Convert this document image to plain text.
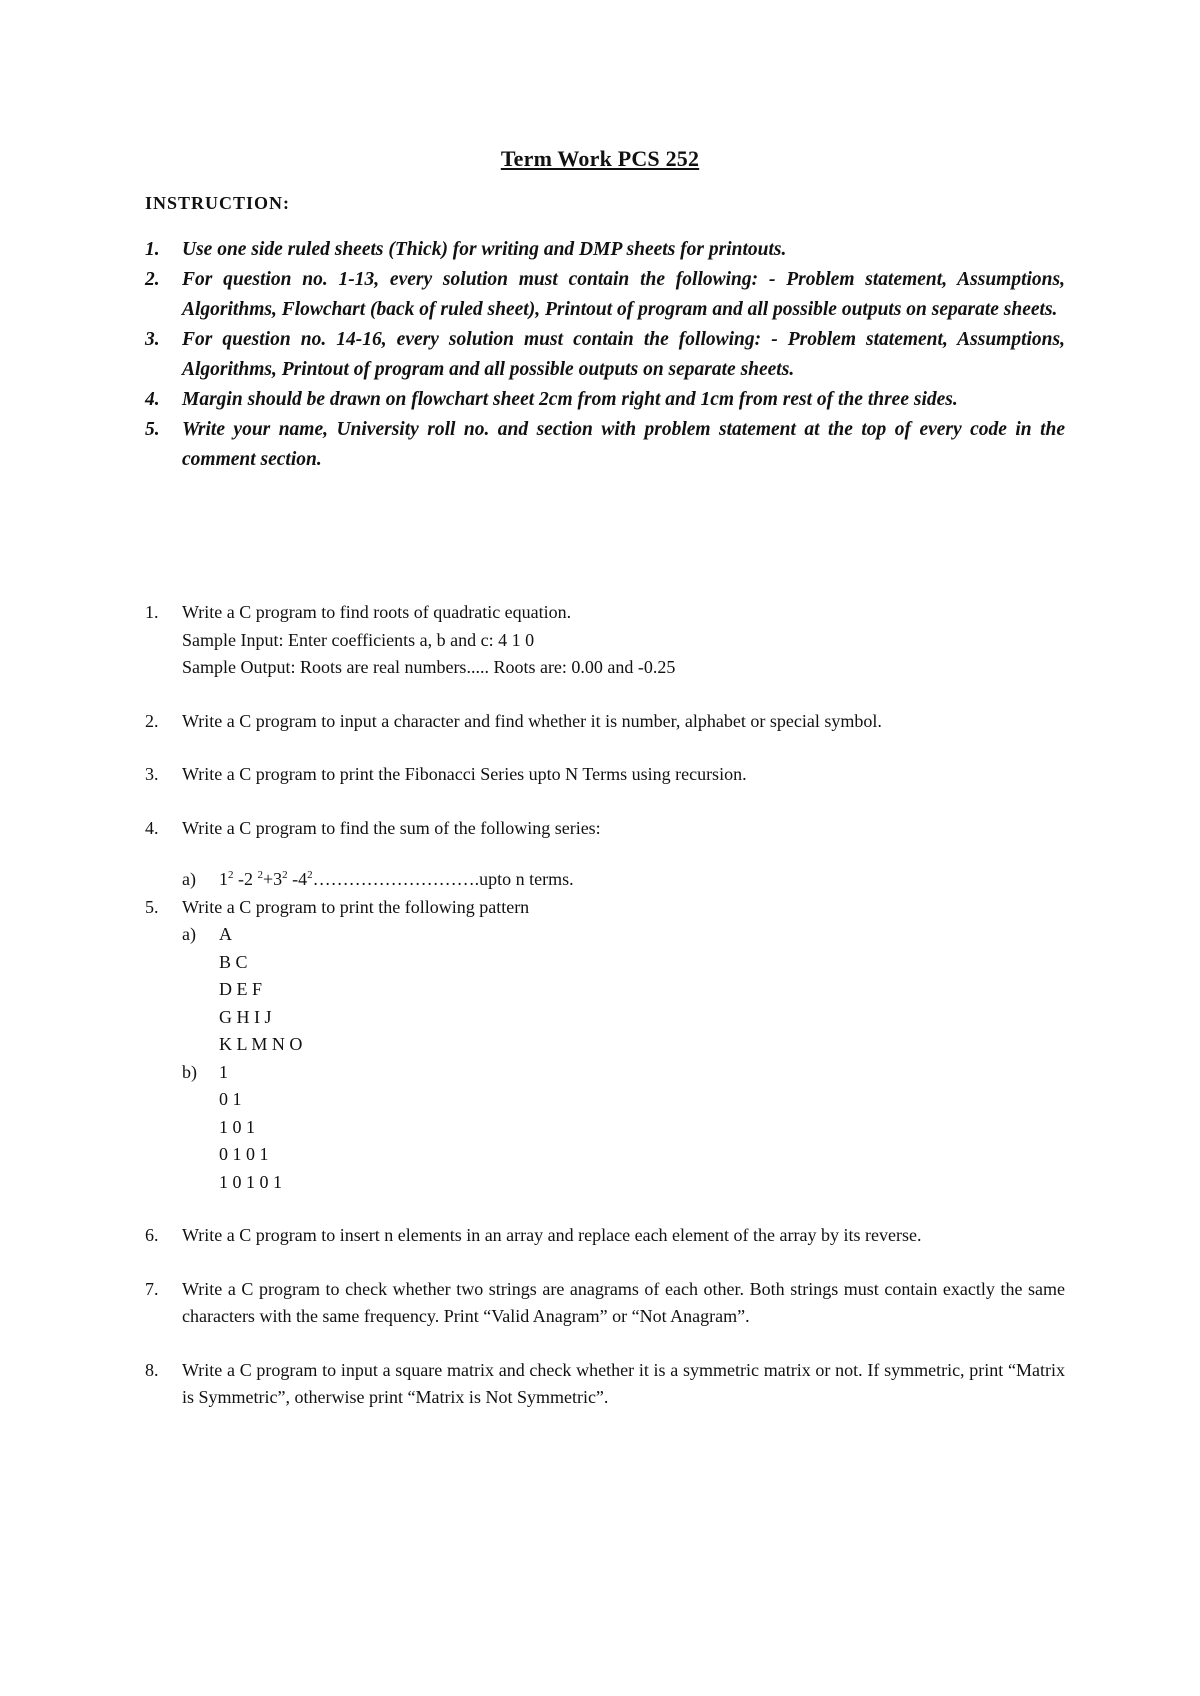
Term Work PCS 252
INSTRUCTION:
1. Use one side ruled sheets (Thick) for writing and DMP sheets for printouts.
2. For question no. 1-13, every solution must contain the following: - Problem statement, Assumptions, Algorithms, Flowchart (back of ruled sheet), Printout of program and all possible outputs on separate sheets.
3. For question no. 14-16, every solution must contain the following: - Problem statement, Assumptions, Algorithms, Printout of program and all possible outputs on separate sheets.
4. Margin should be drawn on flowchart sheet 2cm from right and 1cm from rest of the three sides.
5. Write your name, University roll no. and section with problem statement at the top of every code in the comment section.
1. Write a C program to find roots of quadratic equation.
Sample Input: Enter coefficients a, b and c: 4 1 0
Sample Output: Roots are real numbers..... Roots are: 0.00 and -0.25
2. Write a C program to input a character and find whether it is number, alphabet or special symbol.
3. Write a C program to print the Fibonacci Series upto N Terms using recursion.
4. Write a C program to find the sum of the following series:
a) $1^2$ -2 $^2+3^2$ $-4^2\dots\dots\dots\dots\dots\dots\dots\dots\dots.upto$ n terms.
5. Write a C program to print the following pattern
a) A
B C
D E F
G H I J
K L M N O
b) 1
0 1
1 0 1
0 1 0 1
1 0 1 0 1
6. Write a C program to insert n elements in an array and replace each element of the array by its reverse.
7. Write a C program to check whether two strings are anagrams of each other. Both strings must contain exactly the same characters with the same frequency. Print “Valid Anagram” or “Not Anagram”.
8. Write a C program to input a square matrix and check whether it is a symmetric matrix or not. If symmetric, print “Matrix is Symmetric”, otherwise print “Matrix is Not Symmetric”.
